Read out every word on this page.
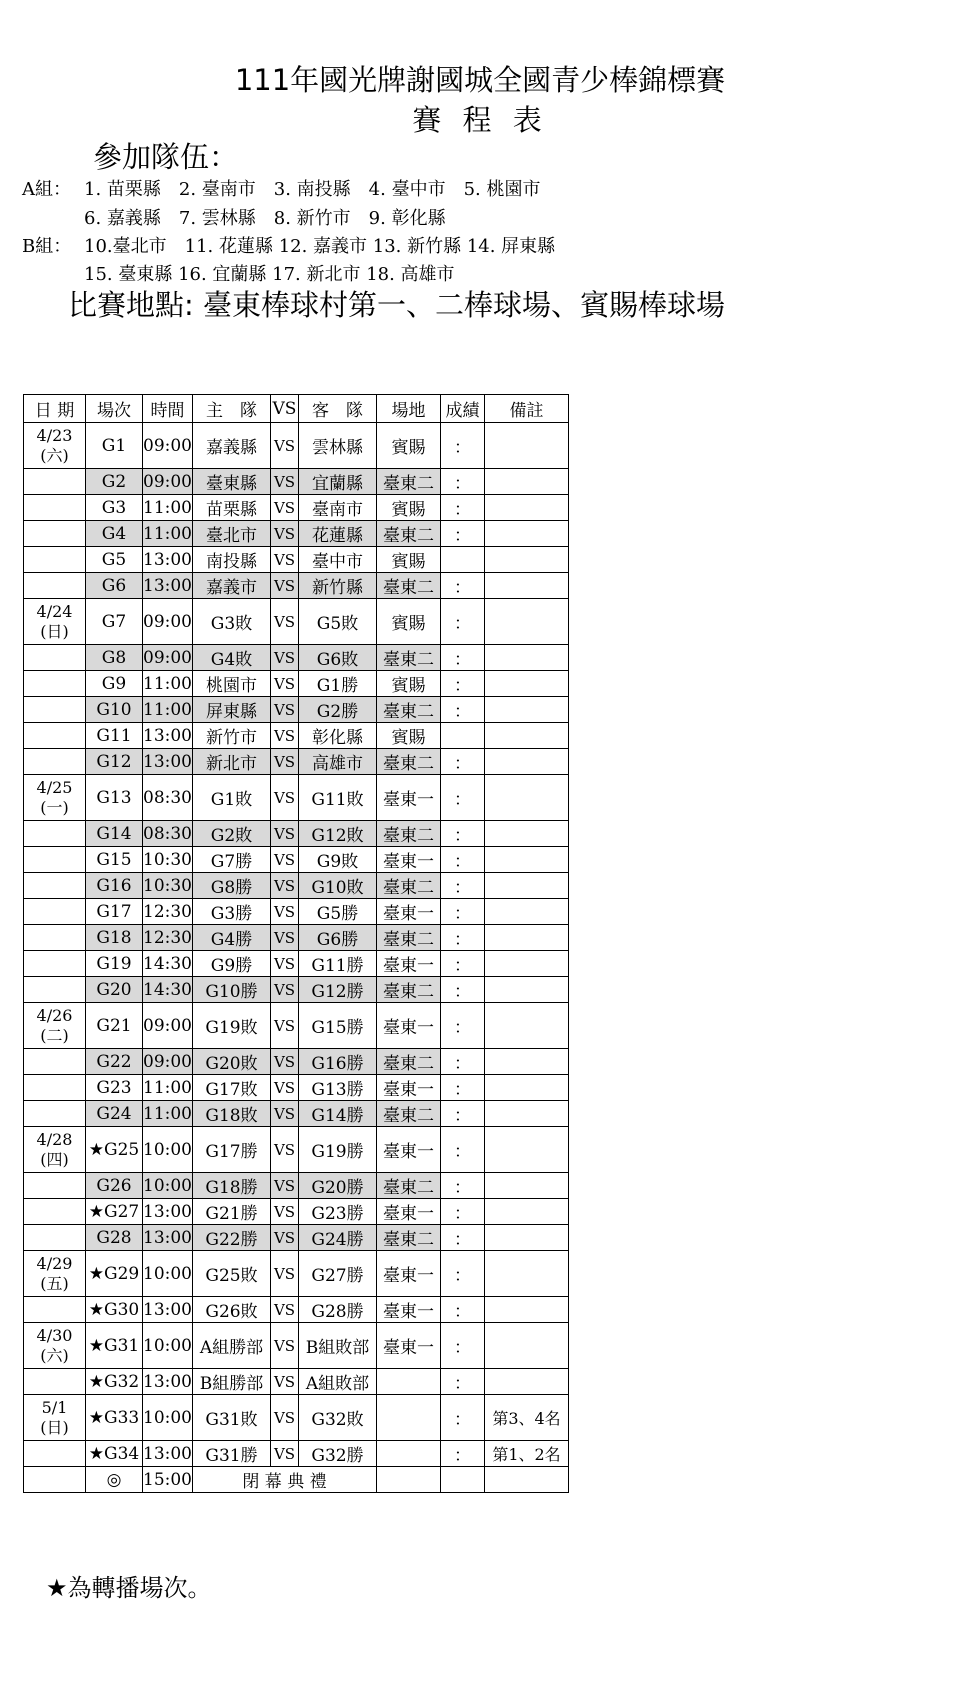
111年國光牌謝國城全國青少棒錦標賽
賽 程 表
參加隊伍：
A組： 1. 苗栗縣　2. 臺南市　3. 南投縣　4. 臺中市　5. 桃園市
6. 嘉義縣　7. 雲林縣　8. 新竹市　9. 彰化縣
B組： 10.臺北市　11. 花蓮縣 12. 嘉義市 13. 新竹縣 14. 屏東縣
15. 臺東縣 16. 宜蘭縣 17. 新北市 18. 高雄市
比賽地點: 臺東棒球村第一、二棒球場、賓賜棒球場
日 期	場次	時間	主　隊	VS	客　隊	場地	成績	備註

4/23
(六)	G1	09:00	嘉義縣	VS	雲林縣	賓賜	：	
	G2	09:00	臺東縣	VS	宜蘭縣	臺東二	：	
	G3	11:00	苗栗縣	VS	臺南市	賓賜	：	
	G4	11:00	臺北市	VS	花蓮縣	臺東二	：	
	G5	13:00	南投縣	VS	臺中市	賓賜		
	G6	13:00	嘉義市	VS	新竹縣	臺東二	：	

4/24
(日)	G7	09:00	G3敗	VS	G5敗	賓賜	：	
	G8	09:00	G4敗	VS	G6敗	臺東二	：	
	G9	11:00	桃園市	VS	G1勝	賓賜	：	
	G10	11:00	屏東縣	VS	G2勝	臺東二	：	
	G11	13:00	新竹市	VS	彰化縣	賓賜		
	G12	13:00	新北市	VS	高雄市	臺東二	：	

4/25
(一)	G13	08:30	G1敗	VS	G11敗	臺東一	：	
	G14	08:30	G2敗	VS	G12敗	臺東二	：	
	G15	10:30	G7勝	VS	G9敗	臺東一	：	
	G16	10:30	G8勝	VS	G10敗	臺東二	：	
	G17	12:30	G3勝	VS	G5勝	臺東一	：	
	G18	12:30	G4勝	VS	G6勝	臺東二	：	
	G19	14:30	G9勝	VS	G11勝	臺東一	：	
	G20	14:30	G10勝	VS	G12勝	臺東二	：	

4/26
(二)	G21	09:00	G19敗	VS	G15勝	臺東一	：	
	G22	09:00	G20敗	VS	G16勝	臺東二	：	
	G23	11:00	G17敗	VS	G13勝	臺東一	：	
	G24	11:00	G18敗	VS	G14勝	臺東二	：	

4/28
(四)	★G25	10:00	G17勝	VS	G19勝	臺東一	：	
	G26	10:00	G18勝	VS	G20勝	臺東二	：	
	★G27	13:00	G21勝	VS	G23勝	臺東一	：	
	G28	13:00	G22勝	VS	G24勝	臺東二	：	

4/29
(五)	★G29	10:00	G25敗	VS	G27勝	臺東一	：	
	★G30	13:00	G26敗	VS	G28勝	臺東一	：	

4/30
(六)	★G31	10:00	A組勝部	VS	B組敗部	臺東一	：	
	★G32	13:00	B組勝部	VS	A組敗部		：	

5/1
(日)	★G33	10:00	G31敗	VS	G32敗		：	第3、4名
	★G34	13:00	G31勝	VS	G32勝		：	第1、2名
	◎	15:00	閉 幕 典 禮					
★為轉播場次。
